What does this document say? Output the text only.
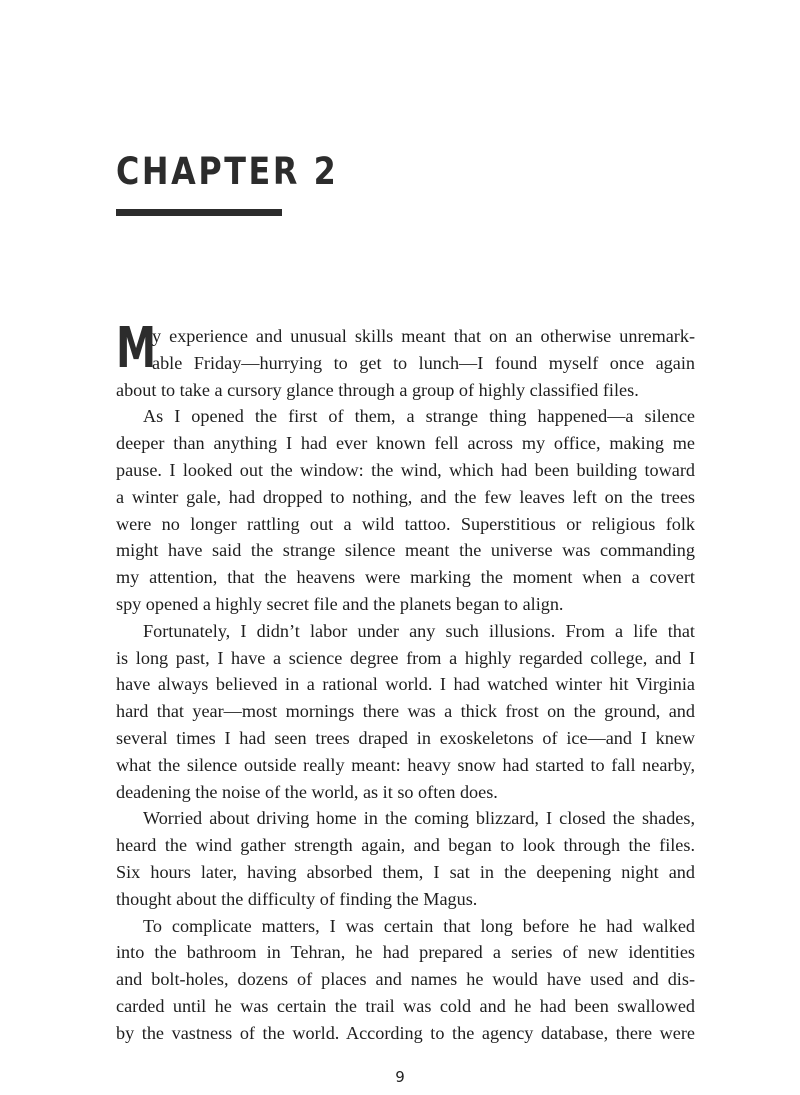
CHAPTER 2
M
y experience and unusual skills meant that on an otherwise unremark-
able Friday—hurrying to get to lunch—I found myself once again
about to take a cursory glance through a group of highly classified files.
As I opened the first of them, a strange thing happened—a silence
deeper than anything I had ever known fell across my office, making me
pause. I looked out the window: the wind, which had been building toward
a winter gale, had dropped to nothing, and the few leaves left on the trees
were no longer rattling out a wild tattoo. Superstitious or religious folk
might have said the strange silence meant the universe was commanding
my attention, that the heavens were marking the moment when a covert
spy opened a highly secret file and the planets began to align.
Fortunately, I didn’t labor under any such illusions. From a life that
is long past, I have a science degree from a highly regarded college, and I
have always believed in a rational world. I had watched winter hit Virginia
hard that year—most mornings there was a thick frost on the ground, and
several times I had seen trees draped in exoskeletons of ice—and I knew
what the silence outside really meant: heavy snow had started to fall nearby,
deadening the noise of the world, as it so often does.
Worried about driving home in the coming blizzard, I closed the shades,
heard the wind gather strength again, and began to look through the files.
Six hours later, having absorbed them, I sat in the deepening night and
thought about the difficulty of finding the Magus.
To complicate matters, I was certain that long before he had walked
into the bathroom in Tehran, he had prepared a series of new identities
and bolt-holes, dozens of places and names he would have used and dis-
carded until he was certain the trail was cold and he had been swallowed
by the vastness of the world. According to the agency database, there were
9
